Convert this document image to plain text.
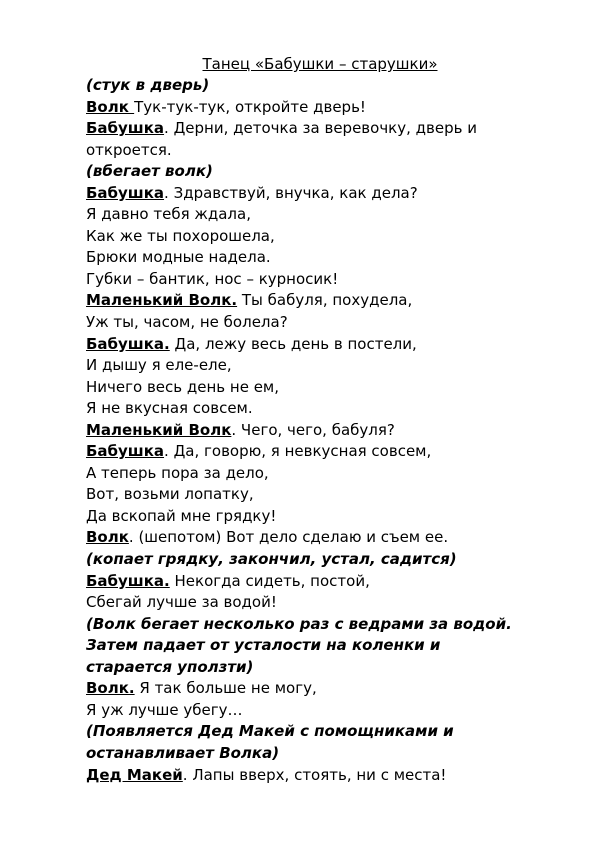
Танец «Бабушки – старушки»
(стук в дверь)
Волк Тук-тук-тук, откройте дверь!
Бабушка. Дерни, деточка за веревочку, дверь и
откроется.
(вбегает волк)
Бабушка. Здравствуй, внучка, как дела?
Я давно тебя ждала,
Как же ты похорошела,
Брюки модные надела.
Губки – бантик, нос – курносик!
Маленький Волк. Ты бабуля, похудела,
Уж ты, часом, не болела?
Бабушка. Да, лежу весь день в постели,
И дышу я еле-еле,
Ничего весь день не ем,
Я не вкусная совсем.
Маленький Волк. Чего, чего, бабуля?
Бабушка. Да, говорю, я невкусная совсем,
А теперь пора за дело,
Вот, возьми лопатку,
Да вскопай мне грядку!
Волк. (шепотом) Вот дело сделаю и съем ее.
(копает грядку, закончил, устал, садится)
Бабушка. Некогда сидеть, постой,
Сбегай лучше за водой!
(Волк бегает несколько раз с ведрами за водой.
Затем падает от усталости на коленки и
старается уползти)
Волк. Я так больше не могу,
Я уж лучше убегу…
(Появляется Дед Макей с помощниками и
останавливает Волка)
Дед Макей. Лапы вверх, стоять, ни с места!
